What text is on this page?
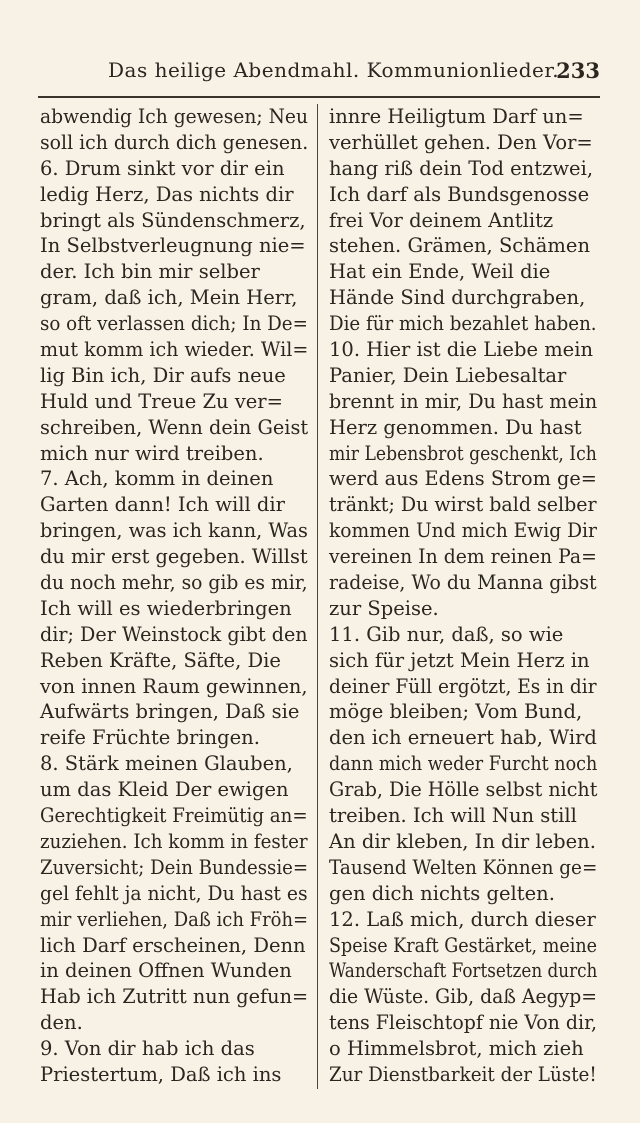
Das heilige Abendmahl. Kommunionlieder.
233
abwendig Ich gewesen; Neu
soll ich durch dich genesen.
6. Drum sinkt vor dir ein
ledig Herz, Das nichts dir
bringt als Sündenschmerz,
In Selbstverleugnung nie=
der. Ich bin mir selber
gram, daß ich, Mein Herr,
so oft verlassen dich; In De=
mut komm ich wieder. Wil=
lig Bin ich, Dir aufs neue
Huld und Treue Zu ver=
schreiben, Wenn dein Geist
mich nur wird treiben.
7. Ach, komm in deinen
Garten dann! Ich will dir
bringen, was ich kann, Was
du mir erst gegeben. Willst
du noch mehr, so gib es mir,
Ich will es wiederbringen
dir; Der Weinstock gibt den
Reben Kräfte, Säfte, Die
von innen Raum gewinnen,
Aufwärts bringen, Daß sie
reife Früchte bringen.
8. Stärk meinen Glauben,
um das Kleid Der ewigen
Gerechtigkeit Freimütig an=
zuziehen. Ich komm in fester
Zuversicht; Dein Bundessie=
gel fehlt ja nicht, Du hast es
mir verliehen, Daß ich Fröh=
lich Darf erscheinen, Denn
in deinen Offnen Wunden
Hab ich Zutritt nun gefun=
den.
9. Von dir hab ich das
Priestertum, Daß ich ins
innre Heiligtum Darf un=
verhüllet gehen. Den Vor=
hang riß dein Tod entzwei,
Ich darf als Bundsgenosse
frei Vor deinem Antlitz
stehen. Grämen, Schämen
Hat ein Ende, Weil die
Hände Sind durchgraben,
Die für mich bezahlet haben.
10. Hier ist die Liebe mein
Panier, Dein Liebesaltar
brennt in mir, Du hast mein
Herz genommen. Du hast
mir Lebensbrot geschenkt, Ich
werd aus Edens Strom ge=
tränkt; Du wirst bald selber
kommen Und mich Ewig Dir
vereinen In dem reinen Pa=
radeise, Wo du Manna gibst
zur Speise.
11. Gib nur, daß, so wie
sich für jetzt Mein Herz in
deiner Füll ergötzt, Es in dir
möge bleiben; Vom Bund,
den ich erneuert hab, Wird
dann mich weder Furcht noch
Grab, Die Hölle selbst nicht
treiben. Ich will Nun still
An dir kleben, In dir leben.
Tausend Welten Können ge=
gen dich nichts gelten.
12. Laß mich, durch dieser
Speise Kraft Gestärket, meine
Wanderschaft Fortsetzen durch
die Wüste. Gib, daß Aegyp=
tens Fleischtopf nie Von dir,
o Himmelsbrot, mich zieh
Zur Dienstbarkeit der Lüste!
